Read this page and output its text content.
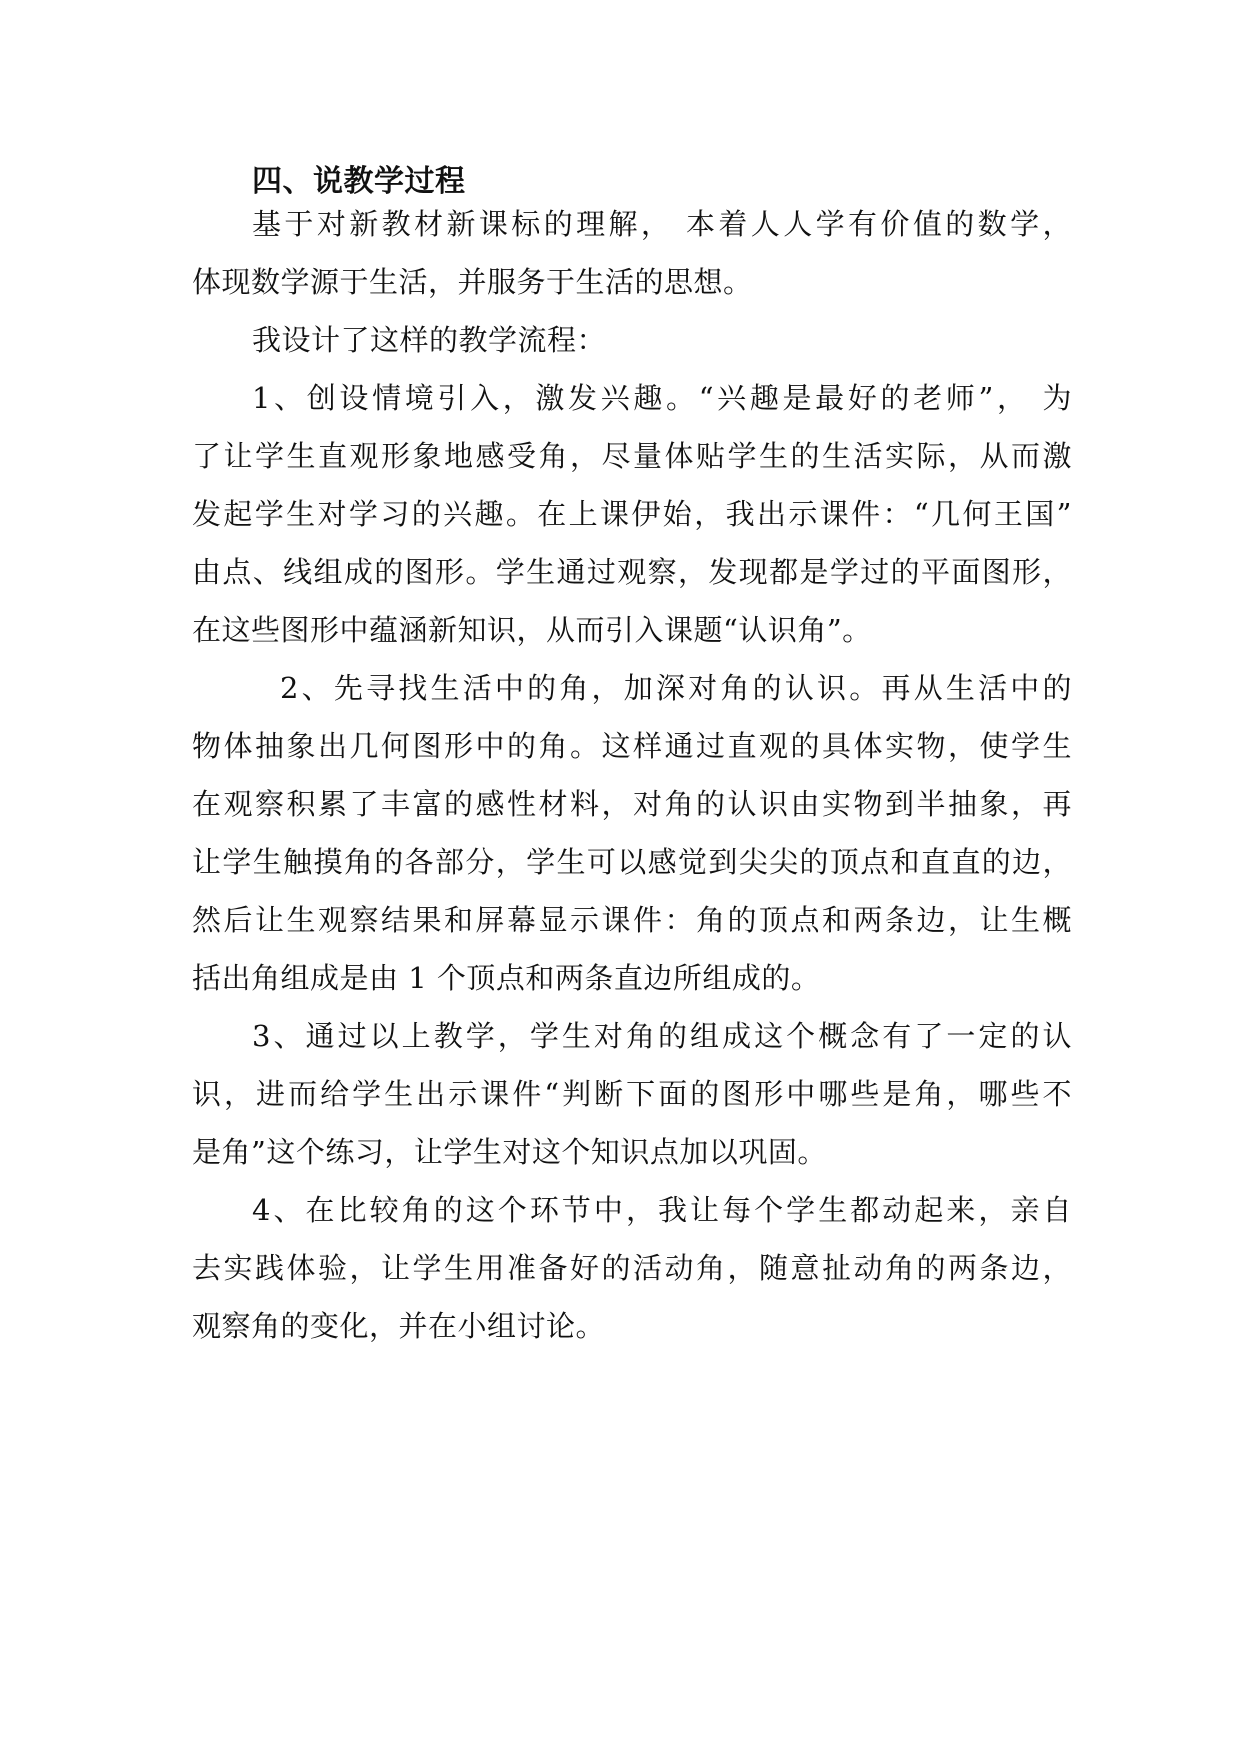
四、说教学过程
基于对新教材新课标的理解， 本着人人学有价值的数学，
体现数学源于生活，并服务于生活的思想。
我设计了这样的教学流程：
1、创设情境引入，激发兴趣。“兴趣是最好的老师”， 为
了让学生直观形象地感受角，尽量体贴学生的生活实际，从而激
发起学生对学习的兴趣。在上课伊始，我出示课件：“几何王国”
由点、线组成的图形。学生通过观察，发现都是学过的平面图形，
在这些图形中蕴涵新知识，从而引入课题“认识角”。
2、先寻找生活中的角，加深对角的认识。再从生活中的
物体抽象出几何图形中的角。这样通过直观的具体实物，使学生
在观察积累了丰富的感性材料，对角的认识由实物到半抽象，再
让学生触摸角的各部分，学生可以感觉到尖尖的顶点和直直的边，
然后让生观察结果和屏幕显示课件：角的顶点和两条边，让生概
括出角组成是由 1 个顶点和两条直边所组成的。
3、通过以上教学，学生对角的组成这个概念有了一定的认
识，进而给学生出示课件“判断下面的图形中哪些是角，哪些不
是角”这个练习，让学生对这个知识点加以巩固。
4、在比较角的这个环节中，我让每个学生都动起来，亲自
去实践体验，让学生用准备好的活动角，随意扯动角的两条边，
观察角的变化，并在小组讨论。
